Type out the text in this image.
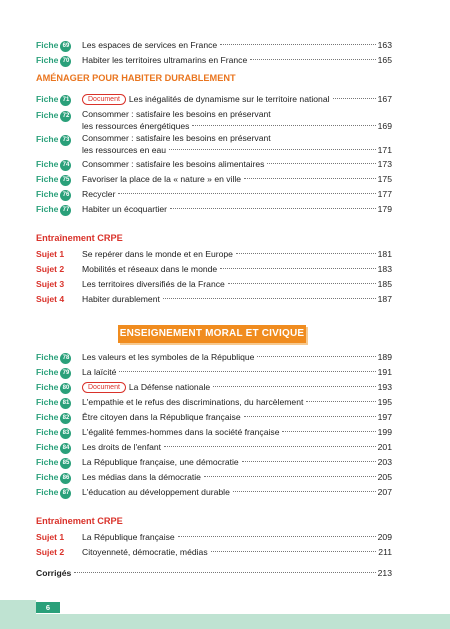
Fiche 69 Les espaces de services en France	163
Fiche 70 Habiter les territoires ultramarins en France	165
AMÉNAGER POUR HABITER DURABLEMENT
Fiche 71	Document Les inégalités de dynamisme sur le territoire national	167
Fiche 72 Consommer : satisfaire les besoins en préservant
les ressources énergétiques	169
Fiche 73 Consommer : satisfaire les besoins en préservant
les ressources en eau	171
Fiche 74 Consommer : satisfaire les besoins alimentaires	173
Fiche 75 Favoriser la place de la « nature » en ville	175
Fiche 76 Recycler	177
Fiche 77 Habiter un écoquartier	179
Entraînement CRPE
Sujet 1 Se repérer dans le monde et en Europe	181
Sujet 2 Mobilités et réseaux dans le monde	183
Sujet 3 Les territoires diversifiés de la France	185
Sujet 4 Habiter durablement	187
ENSEIGNEMENT MORAL ET CIVIQUE
Fiche 78 Les valeurs et les symboles de la République	189
Fiche 79 La laïcité	191
Fiche 80	Document La Défense nationale	193
Fiche 81 L'empathie et le refus des discriminations, du harcèlement	195
Fiche 82 Être citoyen dans la République française	197
Fiche 83 L'égalité femmes-hommes dans la société française	199
Fiche 84 Les droits de l'enfant	201
Fiche 85 La République française, une démocratie	203
Fiche 86 Les médias dans la démocratie	205
Fiche 87 L'éducation au développement durable	207
Entraînement CRPE
Sujet 1 La République française	209
Sujet 2 Citoyenneté, démocratie, médias	211
Corrigés	213
6
